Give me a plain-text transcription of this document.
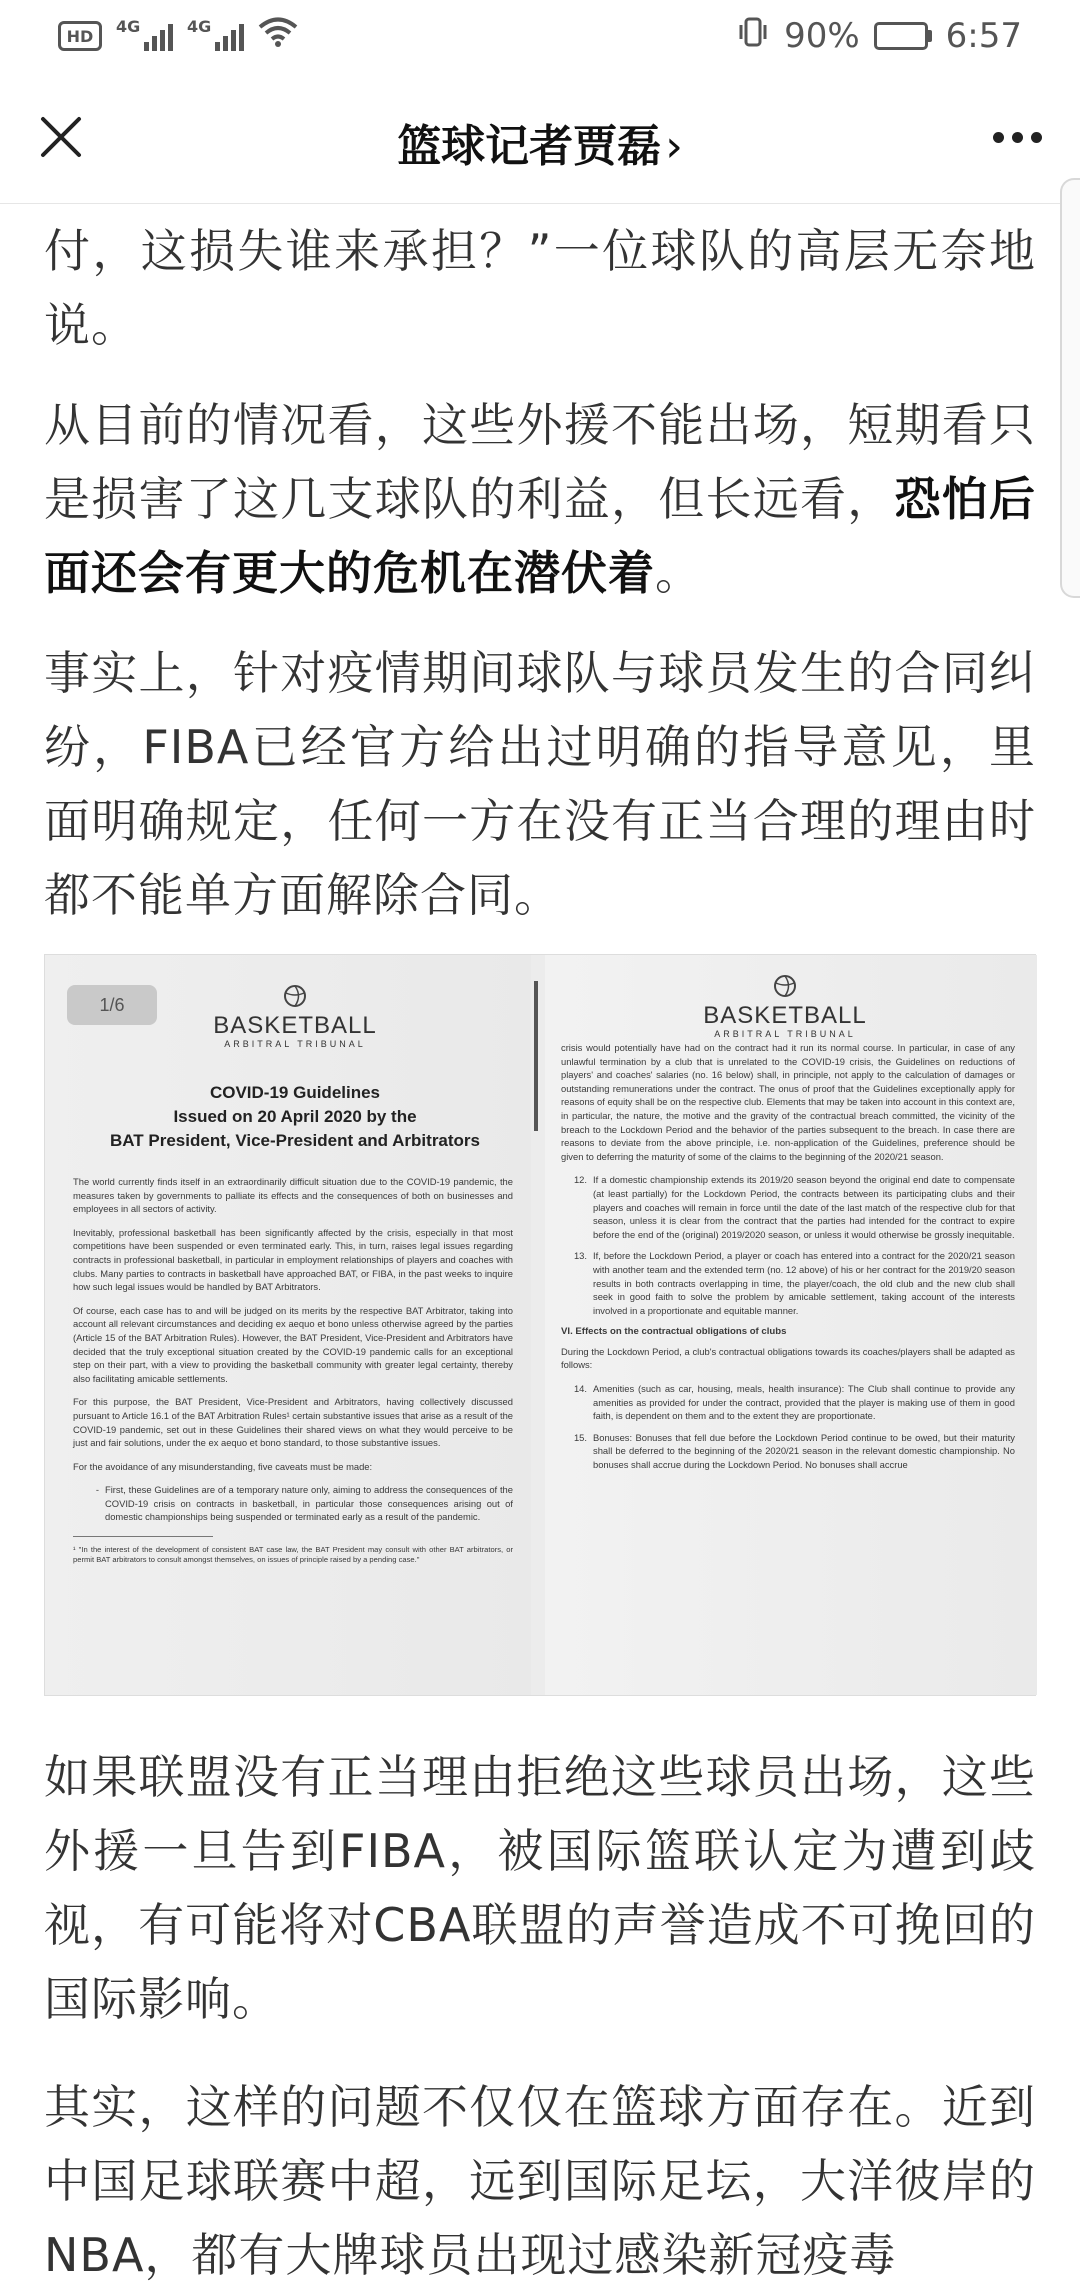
HD	4G	4G	90%	6:57
篮球记者贾磊›

付，这损失谁来承担？”一位球队的高层无奈地说。

从目前的情况看，这些外援不能出场，短期看只是损害了这几支球队的利益，但长远看，恐怕后面还会有更大的危机在潜伏着。

事实上，针对疫情期间球队与球员发生的合同纠纷，FIBA已经官方给出过明确的指导意见，里面明确规定，任何一方在没有正当合理的理由时都不能单方面解除合同。

BASKETBALL
ARBITRAL TRIBUNAL
COVID-19 Guidelines
Issued on 20 April 2020 by the
BAT President, Vice-President and Arbitrators

The world currently finds itself in an extraordinarily difficult situation due to the COVID-19 pandemic, the measures taken by governments to palliate its effects and the consequences of both on businesses and employees in all sectors of activity.

Inevitably, professional basketball has been significantly affected by the crisis, especially in that most competitions have been suspended or even terminated early. This, in turn, raises legal issues regarding contracts in professional basketball, in particular in employment relationships of players and coaches with clubs. Many parties to contracts in basketball have approached BAT, or FIBA, in the past weeks to inquire how such legal issues would be handled by BAT Arbitrators.

Of course, each case has to and will be judged on its merits by the respective BAT Arbitrator, taking into account all relevant circumstances and deciding ex aequo et bono unless otherwise agreed by the parties (Article 15 of the BAT Arbitration Rules). However, the BAT President, Vice-President and Arbitrators have decided that the truly exceptional situation created by the COVID-19 pandemic calls for an exceptional step on their part, with a view to providing the basketball community with greater legal certainty, thereby also facilitating amicable settlements.

For this purpose, the BAT President, Vice-President and Arbitrators, having collectively discussed pursuant to Article 16.1 of the BAT Arbitration Rules¹ certain substantive issues that arise as a result of the COVID-19 pandemic, set out in these Guidelines their shared views on what they would perceive to be just and fair solutions, under the ex aequo et bono standard, to those substantive issues.

For the avoidance of any misunderstanding, five caveats must be made:

- First, these Guidelines are of a temporary nature only, aiming to address the consequences of the COVID-19 crisis on contracts in basketball, in particular those consequences arising out of domestic championships being suspended or terminated early as a result of the pandemic.
¹ "In the interest of the development of consistent BAT case law, the BAT President may consult with other BAT arbitrators, or permit BAT arbitrators to consult amongst themselves, on issues of principle raised by a pending case."
1/6	BASKETBALL
ARBITRAL TRIBUNAL

crisis would potentially have had on the contract had it run its normal course. In particular, in case of any unlawful termination by a club that is unrelated to the COVID-19 crisis, the Guidelines on reductions of players' and coaches' salaries (no. 16 below) shall, in principle, not apply to the calculation of damages or outstanding remunerations under the contract. The onus of proof that the Guidelines exceptionally apply for reasons of equity shall be on the respective club. Elements that may be taken into account in this context are, in particular, the nature, the motive and the gravity of the contractual breach committed, the vicinity of the breach to the Lockdown Period and the behavior of the parties subsequent to the breach. In case there are reasons to deviate from the above principle, i.e. non-application of the Guidelines, preference should be given to deferring the maturity of some of the claims to the beginning of the 2020/21 season.

12. If a domestic championship extends its 2019/20 season beyond the original end date to compensate (at least partially) for the Lockdown Period, the contracts between its participating clubs and their players and coaches will remain in force until the date of the last match of the respective club for that season, unless it is clear from the contract that the parties had intended for the contract to expire before the end of the (original) 2019/2020 season, or unless it would otherwise be grossly inequitable.
13. If, before the Lockdown Period, a player or coach has entered into a contract for the 2020/21 season with another team and the extended term (no. 12 above) of his or her contract for the 2019/20 season results in both contracts overlapping in time, the player/coach, the old club and the new club shall seek in good faith to solve the problem by amicable settlement, taking account of the interests involved in a proportionate and equitable manner.
VI. Effects on the contractual obligations of clubs

During the Lockdown Period, a club's contractual obligations towards its coaches/players shall be adapted as follows:

14. Amenities (such as car, housing, meals, health insurance): The Club shall continue to provide any amenities as provided for under the contract, provided that the player is making use of them in good faith, is dependent on them and to the extent they are proportionate.
15. Bonuses: Bonuses that fell due before the Lockdown Period continue to be owed, but their maturity shall be deferred to the beginning of the 2020/21 season in the relevant domestic championship. No bonuses shall accrue during the Lockdown Period. No bonuses shall accrue

如果联盟没有正当理由拒绝这些球员出场，这些外援一旦告到FIBA，被国际篮联认定为遭到歧视，有可能将对CBA联盟的声誉造成不可挽回的国际影响。

其实，这样的问题不仅仅在篮球方面存在。近到中国足球联赛中超，远到国际足坛，大洋彼岸的NBA，都有大牌球员出现过感染新冠疫毒
